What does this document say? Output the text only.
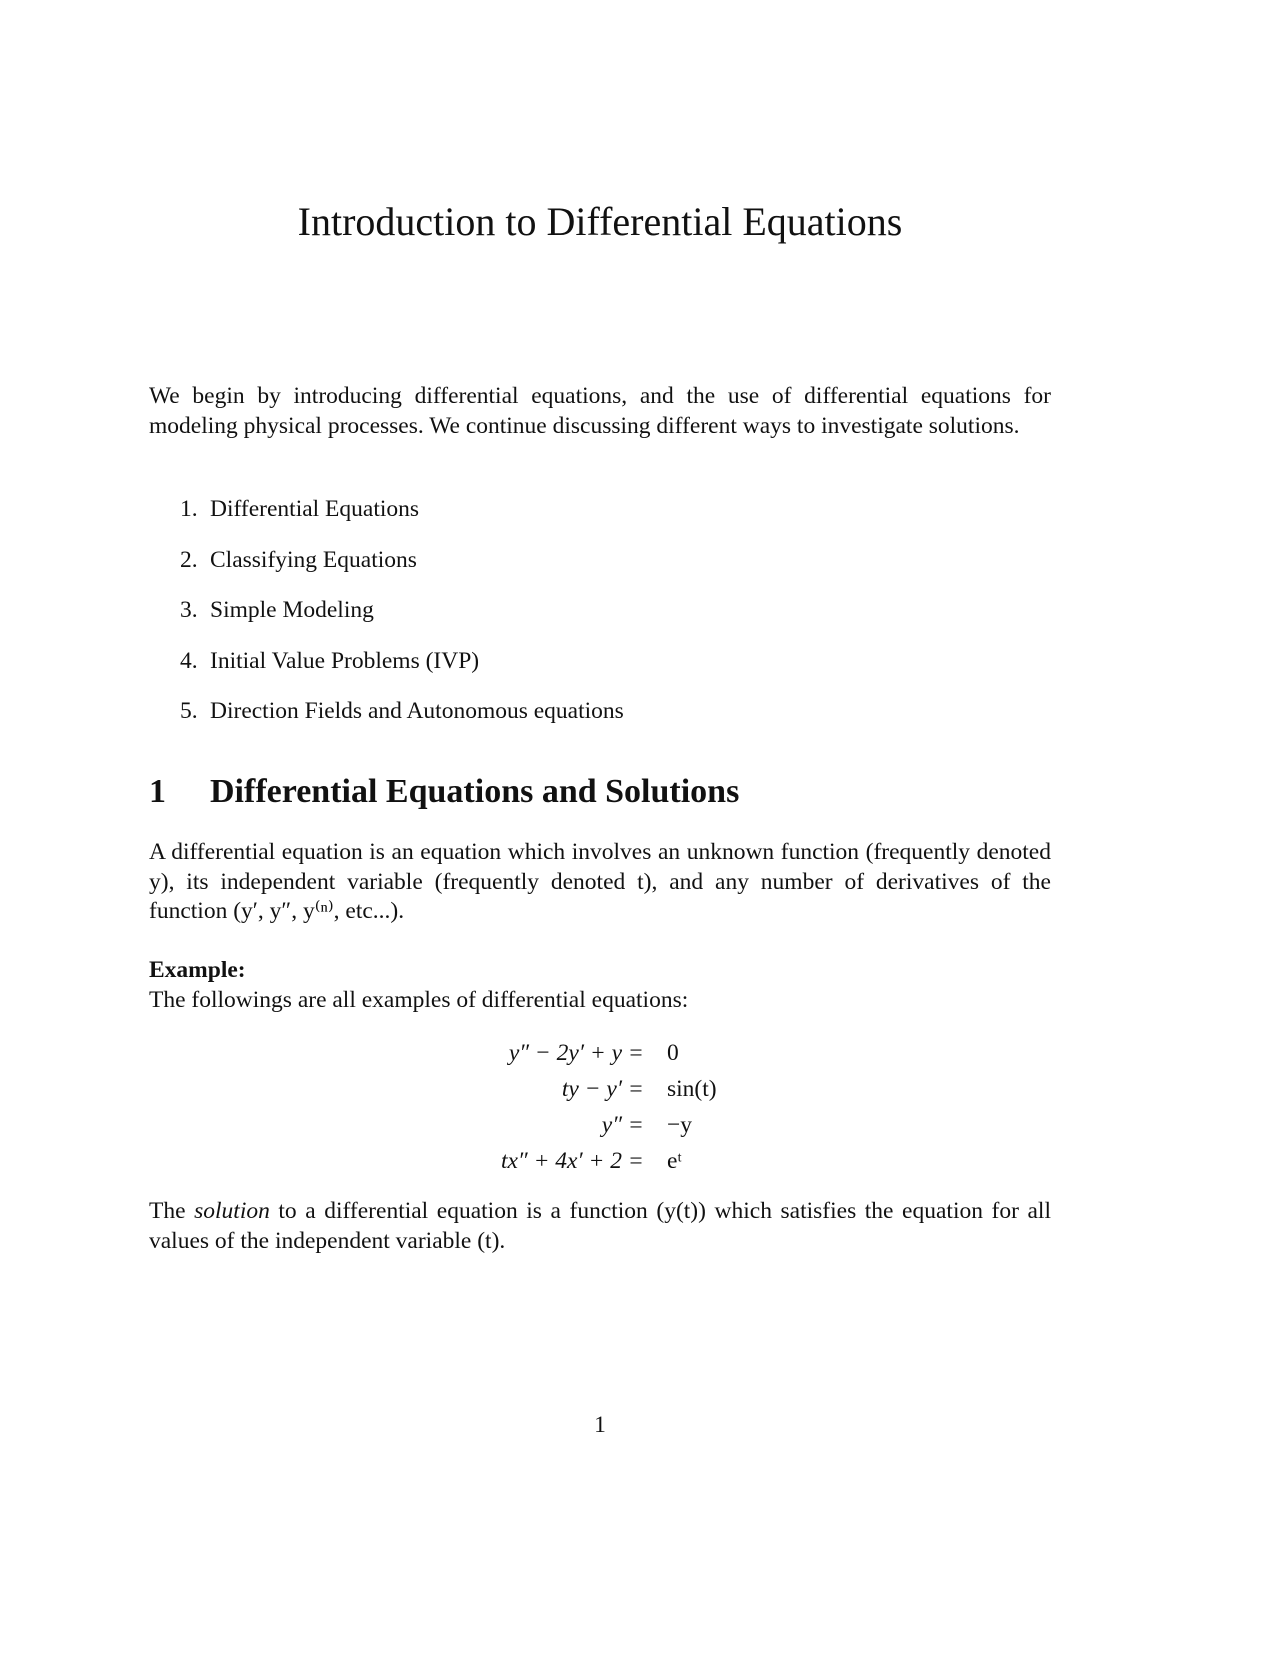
Introduction to Differential Equations

We begin by introducing differential equations, and the use of differential equations for modeling physical processes. We continue discussing different ways to investigate solutions.

1. Differential Equations
2. Classifying Equations
3. Simple Modeling
4. Initial Value Problems (IVP)
5. Direction Fields and Autonomous equations
1	Differential Equations and Solutions

A differential equation is an equation which involves an unknown function (frequently denoted y), its independent variable (frequently denoted t), and any number of derivatives of the function (y′, y″, y⁽ⁿ⁾, etc...).

Example:

The followings are all examples of differential equations:

y″ − 2y′ + y = 0
ty − y′ = sin(t)
y″ = −y
tx″ + 4x′ + 2 = eᵗ

The solution to a differential equation is a function (y(t)) which satisfies the equation for all values of the independent variable (t).

1
